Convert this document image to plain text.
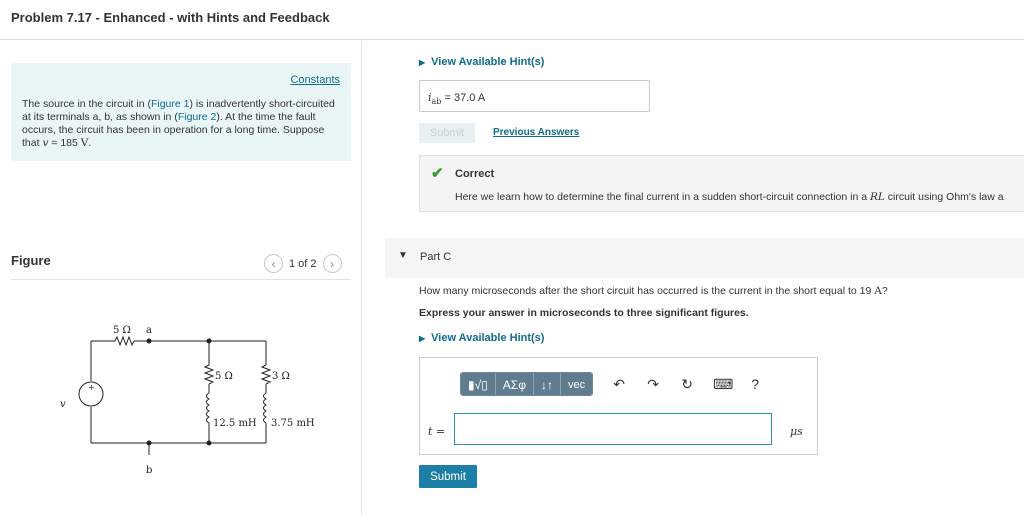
Problem 7.17 - Enhanced - with Hints and Feedback
Constants
The source in the circuit in (Figure 1) is inadvertently short-circuited at its terminals a, b, as shown in (Figure 2). At the time the fault occurs, the circuit has been in operation for a long time. Suppose that v = 185 V.
Figure	‹	1 of 2	›
5 Ω a
b
5 Ω	3 Ω
12.5 mH 3.75 mH
v
+
▶ View Available Hint(s)
$i_{ab} = 37.0$ A
Submit	Previous Answers
✔ Correct
Here we learn how to determine the final current in a sudden short-circuit connection in a RL circuit using Ohm's law a
▼ Part C
How many microseconds after the short circuit has occurred is the current in the short equal to 19 A?
Express your answer in microseconds to three significant figures.
▶ View Available Hint(s)
▮√▯	ΑΣφ	↓↑	vec	↶ ↷ ↻ ⌨ ?
t =	μs
Submit
